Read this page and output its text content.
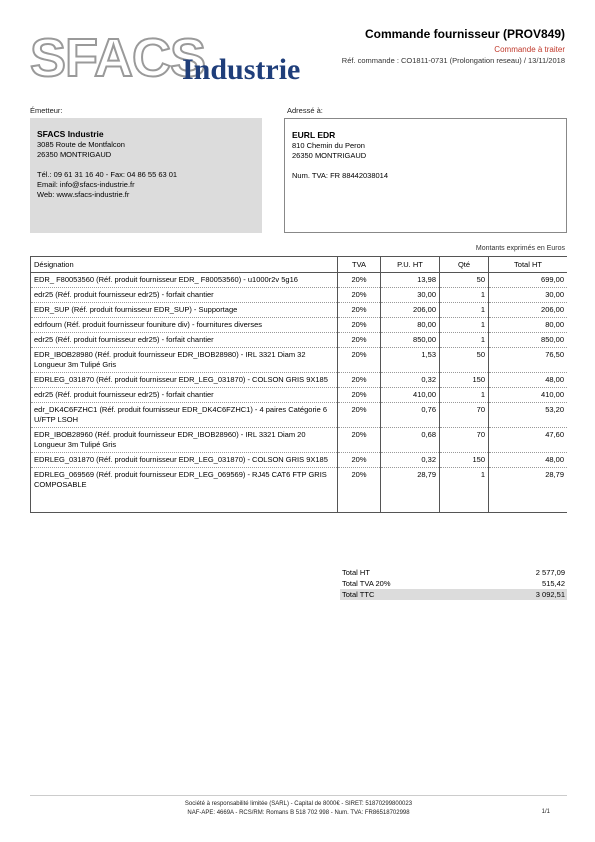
SFACS
Industrie
Commande fournisseur (PROV849)
Commande à traiter
Réf. commande : CO1811-0731 (Prolongation reseau) / 13/11/2018
Émetteur:
SFACS Industrie
3085 Route de Montfalcon
26350 MONTRIGAUD
Tél.: 09 61 31 16 40 - Fax: 04 86 55 63 01
Email: info@sfacs-industrie.fr
Web: www.sfacs-industrie.fr
Adressé à:
EURL EDR
810 Chemin du Peron
26350 MONTRIGAUD
Num. TVA: FR 88442038014
Montants exprimés en Euros
Désignation	TVA	P.U. HT	Qté	Total HT
EDR_ F80053560 (Réf. produit fournisseur EDR_ F80053560) - u1000r2v 5g16	20%	13,98	50	699,00
edr25 (Réf. produit fournisseur edr25) - forfait chantier	20%	30,00	1	30,00
EDR_SUP (Réf. produit fournisseur EDR_SUP) - Supportage	20%	206,00	1	206,00
edrfourn (Réf. produit fournisseur founiture div) - fournitures diverses	20%	80,00	1	80,00
edr25 (Réf. produit fournisseur edr25) - forfait chantier	20%	850,00	1	850,00
EDR_IBOB28980 (Réf. produit fournisseur EDR_IBOB28980) - IRL 3321 Diam 32 Longueur 3m Tulipé Gris	20%	1,53	50	76,50
EDRLEG_031870 (Réf. produit fournisseur EDR_LEG_031870) - COLSON GRIS 9X185	20%	0,32	150	48,00
edr25 (Réf. produit fournisseur edr25) - forfait chantier	20%	410,00	1	410,00
edr_DK4C6FZHC1 (Réf. produit fournisseur EDR_DK4C6FZHC1) - 4 paires Catégorie 6 U/FTP LSOH	20%	0,76	70	53,20
EDR_IBOB28960 (Réf. produit fournisseur EDR_IBOB28960) - IRL 3321 Diam 20 Longueur 3m Tulipé Gris	20%	0,68	70	47,60
EDRLEG_031870 (Réf. produit fournisseur EDR_LEG_031870) - COLSON GRIS 9X185	20%	0,32	150	48,00
EDRLEG_069569 (Réf. produit fournisseur EDR_LEG_069569) - RJ45 CAT6 FTP GRIS COMPOSABLE	20%	28,79	1	28,79
Total HT	2 577,09
Total TVA 20%	515,42
Total TTC	3 092,51
Société à responsabilité limitée (SARL) - Capital de 8000€ - SIRET: 51870299800023
NAF-APE: 4669A - RCS/RM: Romans B 518 702 998 - Num. TVA: FR86518702998	1/1
